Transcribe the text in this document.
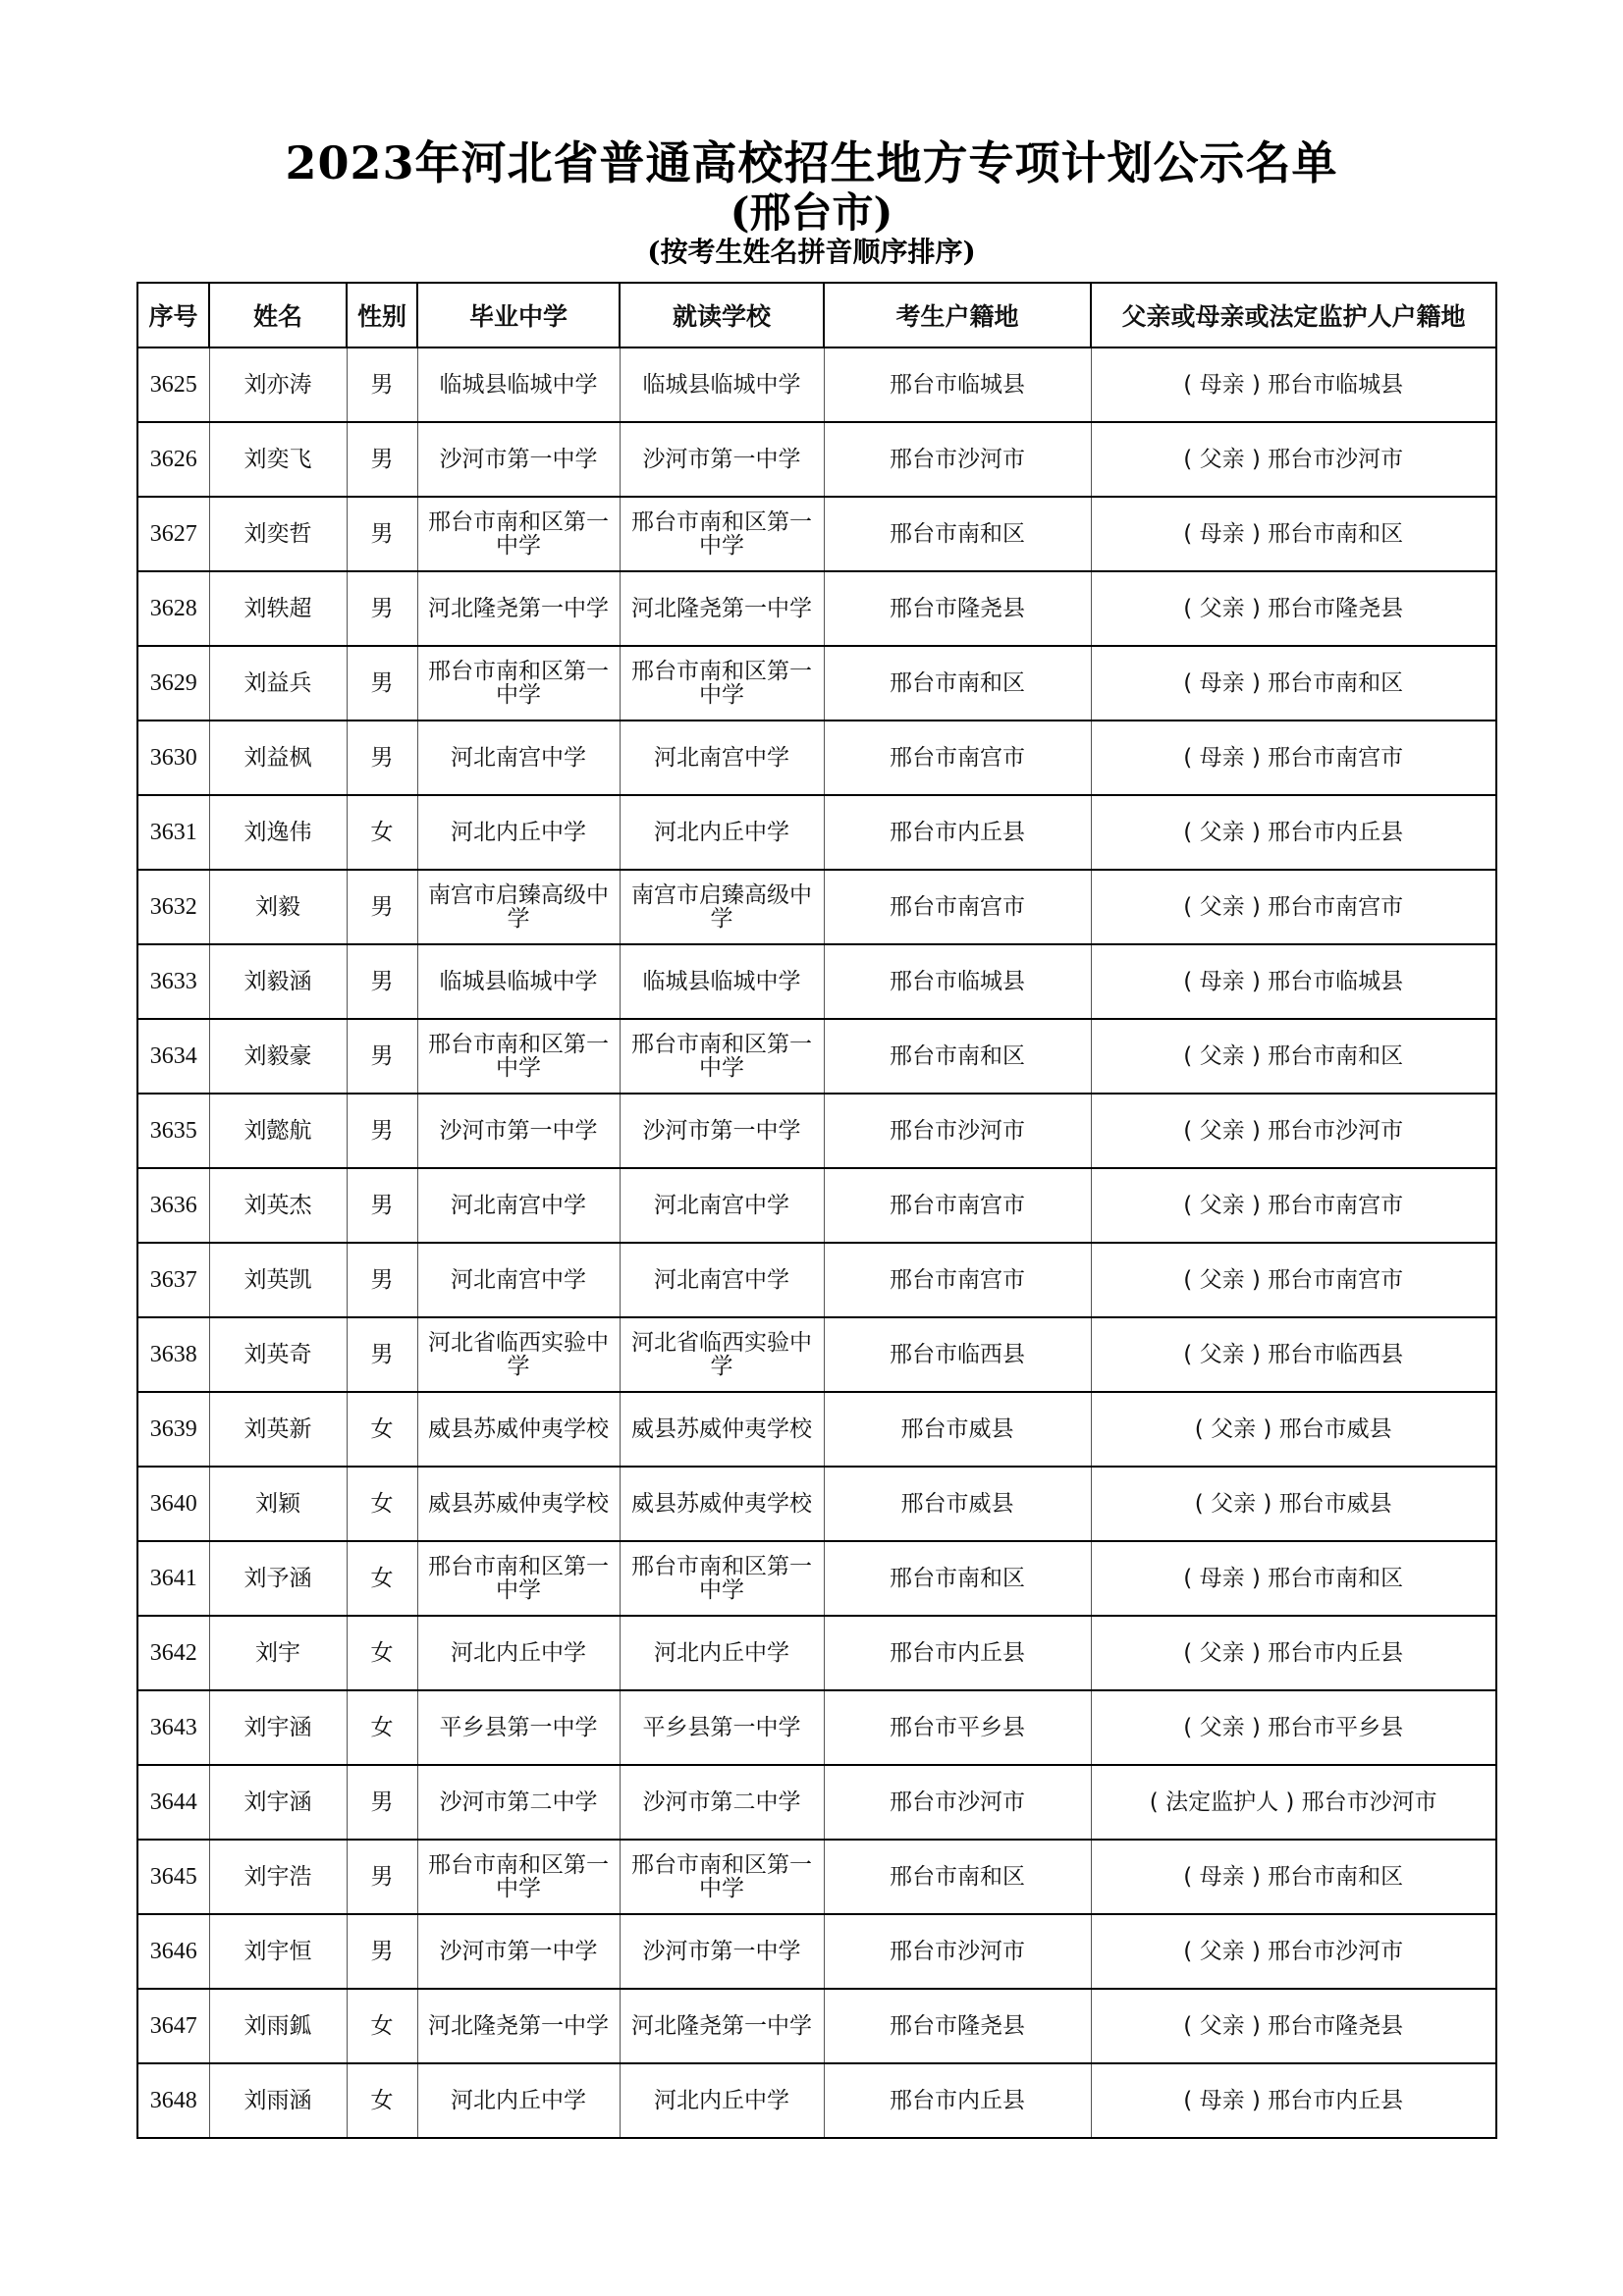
2023年河北省普通高校招生地方专项计划公示名单
(邢台市)
(按考生姓名拼音顺序排序)
序号	姓名	性别	毕业中学	就读学校	考生户籍地	父亲或母亲或法定监护人户籍地
3625	刘亦涛	男	临城县临城中学	临城县临城中学	邢台市临城县	( 母亲 ) 邢台市临城县
3626	刘奕飞	男	沙河市第一中学	沙河市第一中学	邢台市沙河市	( 父亲 ) 邢台市沙河市
3627	刘奕哲	男	邢台市南和区第一中学	邢台市南和区第一中学	邢台市南和区	( 母亲 ) 邢台市南和区
3628	刘轶超	男	河北隆尧第一中学	河北隆尧第一中学	邢台市隆尧县	( 父亲 ) 邢台市隆尧县
3629	刘益兵	男	邢台市南和区第一中学	邢台市南和区第一中学	邢台市南和区	( 母亲 ) 邢台市南和区
3630	刘益枫	男	河北南宫中学	河北南宫中学	邢台市南宫市	( 母亲 ) 邢台市南宫市
3631	刘逸伟	女	河北内丘中学	河北内丘中学	邢台市内丘县	( 父亲 ) 邢台市内丘县
3632	刘毅	男	南宫市启臻高级中学	南宫市启臻高级中学	邢台市南宫市	( 父亲 ) 邢台市南宫市
3633	刘毅涵	男	临城县临城中学	临城县临城中学	邢台市临城县	( 母亲 ) 邢台市临城县
3634	刘毅豪	男	邢台市南和区第一中学	邢台市南和区第一中学	邢台市南和区	( 父亲 ) 邢台市南和区
3635	刘懿航	男	沙河市第一中学	沙河市第一中学	邢台市沙河市	( 父亲 ) 邢台市沙河市
3636	刘英杰	男	河北南宫中学	河北南宫中学	邢台市南宫市	( 父亲 ) 邢台市南宫市
3637	刘英凯	男	河北南宫中学	河北南宫中学	邢台市南宫市	( 父亲 ) 邢台市南宫市
3638	刘英奇	男	河北省临西实验中学	河北省临西实验中学	邢台市临西县	( 父亲 ) 邢台市临西县
3639	刘英新	女	威县苏威仲夷学校	威县苏威仲夷学校	邢台市威县	( 父亲 ) 邢台市威县
3640	刘颖	女	威县苏威仲夷学校	威县苏威仲夷学校	邢台市威县	( 父亲 ) 邢台市威县
3641	刘予涵	女	邢台市南和区第一中学	邢台市南和区第一中学	邢台市南和区	( 母亲 ) 邢台市南和区
3642	刘宇	女	河北内丘中学	河北内丘中学	邢台市内丘县	( 父亲 ) 邢台市内丘县
3643	刘宇涵	女	平乡县第一中学	平乡县第一中学	邢台市平乡县	( 父亲 ) 邢台市平乡县
3644	刘宇涵	男	沙河市第二中学	沙河市第二中学	邢台市沙河市	( 法定监护人 ) 邢台市沙河市
3645	刘宇浩	男	邢台市南和区第一中学	邢台市南和区第一中学	邢台市南和区	( 母亲 ) 邢台市南和区
3646	刘宇恒	男	沙河市第一中学	沙河市第一中学	邢台市沙河市	( 父亲 ) 邢台市沙河市
3647	刘雨鈲	女	河北隆尧第一中学	河北隆尧第一中学	邢台市隆尧县	( 父亲 ) 邢台市隆尧县
3648	刘雨涵	女	河北内丘中学	河北内丘中学	邢台市内丘县	( 母亲 ) 邢台市内丘县
